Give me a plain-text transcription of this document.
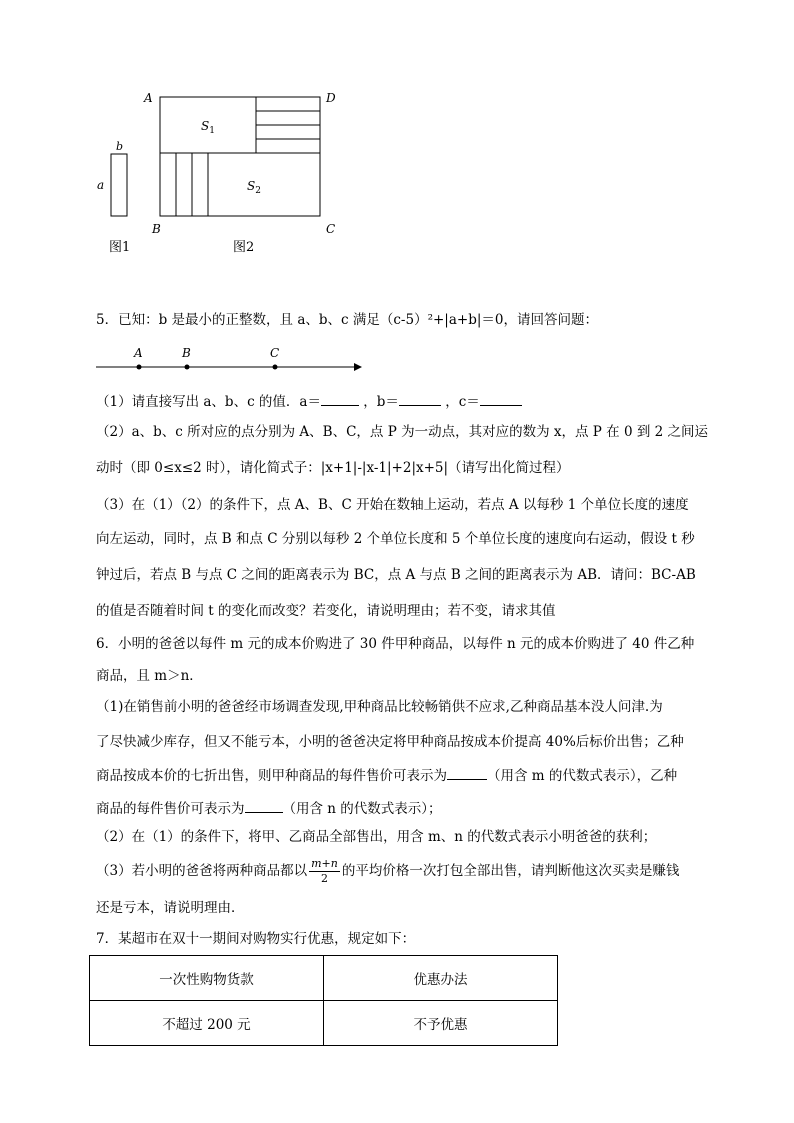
b
a
图1
A	D
B	C
$S_1$
$S_2$
图2
5．已知：b 是最小的正整数，且 a、b、c 满足（c-5）²+|a+b|＝0，请回答问题：
A	B	C
（1）请直接写出 a、b、c 的值．a＝	，b＝	，c＝
（2）a、b、c 所对应的点分别为 A、B、C，点 P 为一动点，其对应的数为 x，点 P 在 0 到 2 之间运
动时（即 0≤x≤2 时），请化简式子：|x+1|-|x-1|+2|x+5|（请写出化简过程）
（3）在（1）（2）的条件下，点 A、B、C 开始在数轴上运动，若点 A 以每秒 1 个单位长度的速度
向左运动，同时，点 B 和点 C 分别以每秒 2 个单位长度和 5 个单位长度的速度向右运动，假设 t 秒
钟过后，若点 B 与点 C 之间的距离表示为 BC，点 A 与点 B 之间的距离表示为 AB．请问：BC-AB
的值是否随着时间 t 的变化而改变？若变化，请说明理由；若不变，请求其值
6．小明的爸爸以每件 m 元的成本价购进了 30 件甲种商品，以每件 n 元的成本价购进了 40 件乙种
商品，且 m＞n．
（1)在销售前小明的爸爸经市场调查发现,甲种商品比较畅销供不应求,乙种商品基本没人问津.为
了尽快减少库存，但又不能亏本，小明的爸爸决定将甲种商品按成本价提高 40%后标价出售；乙种
商品按成本价的七折出售，则甲种商品的每件售价可表示为	（用含 m 的代数式表示），乙种
商品的每件售价可表示为	（用含 n 的代数式表示）；
（2）在（1）的条件下，将甲、乙商品全部售出，用含 m、n 的代数式表示小明爸爸的获利；
（3）若小明的爸爸将两种商品都以 $\frac{m+n}{2}$ 的平均价格一次打包全部出售，请判断他这次买卖是赚钱
还是亏本，请说明理由．
7．某超市在双十一期间对购物实行优惠，规定如下：
一次性购物货款	优惠办法
不超过 200 元	不予优惠
